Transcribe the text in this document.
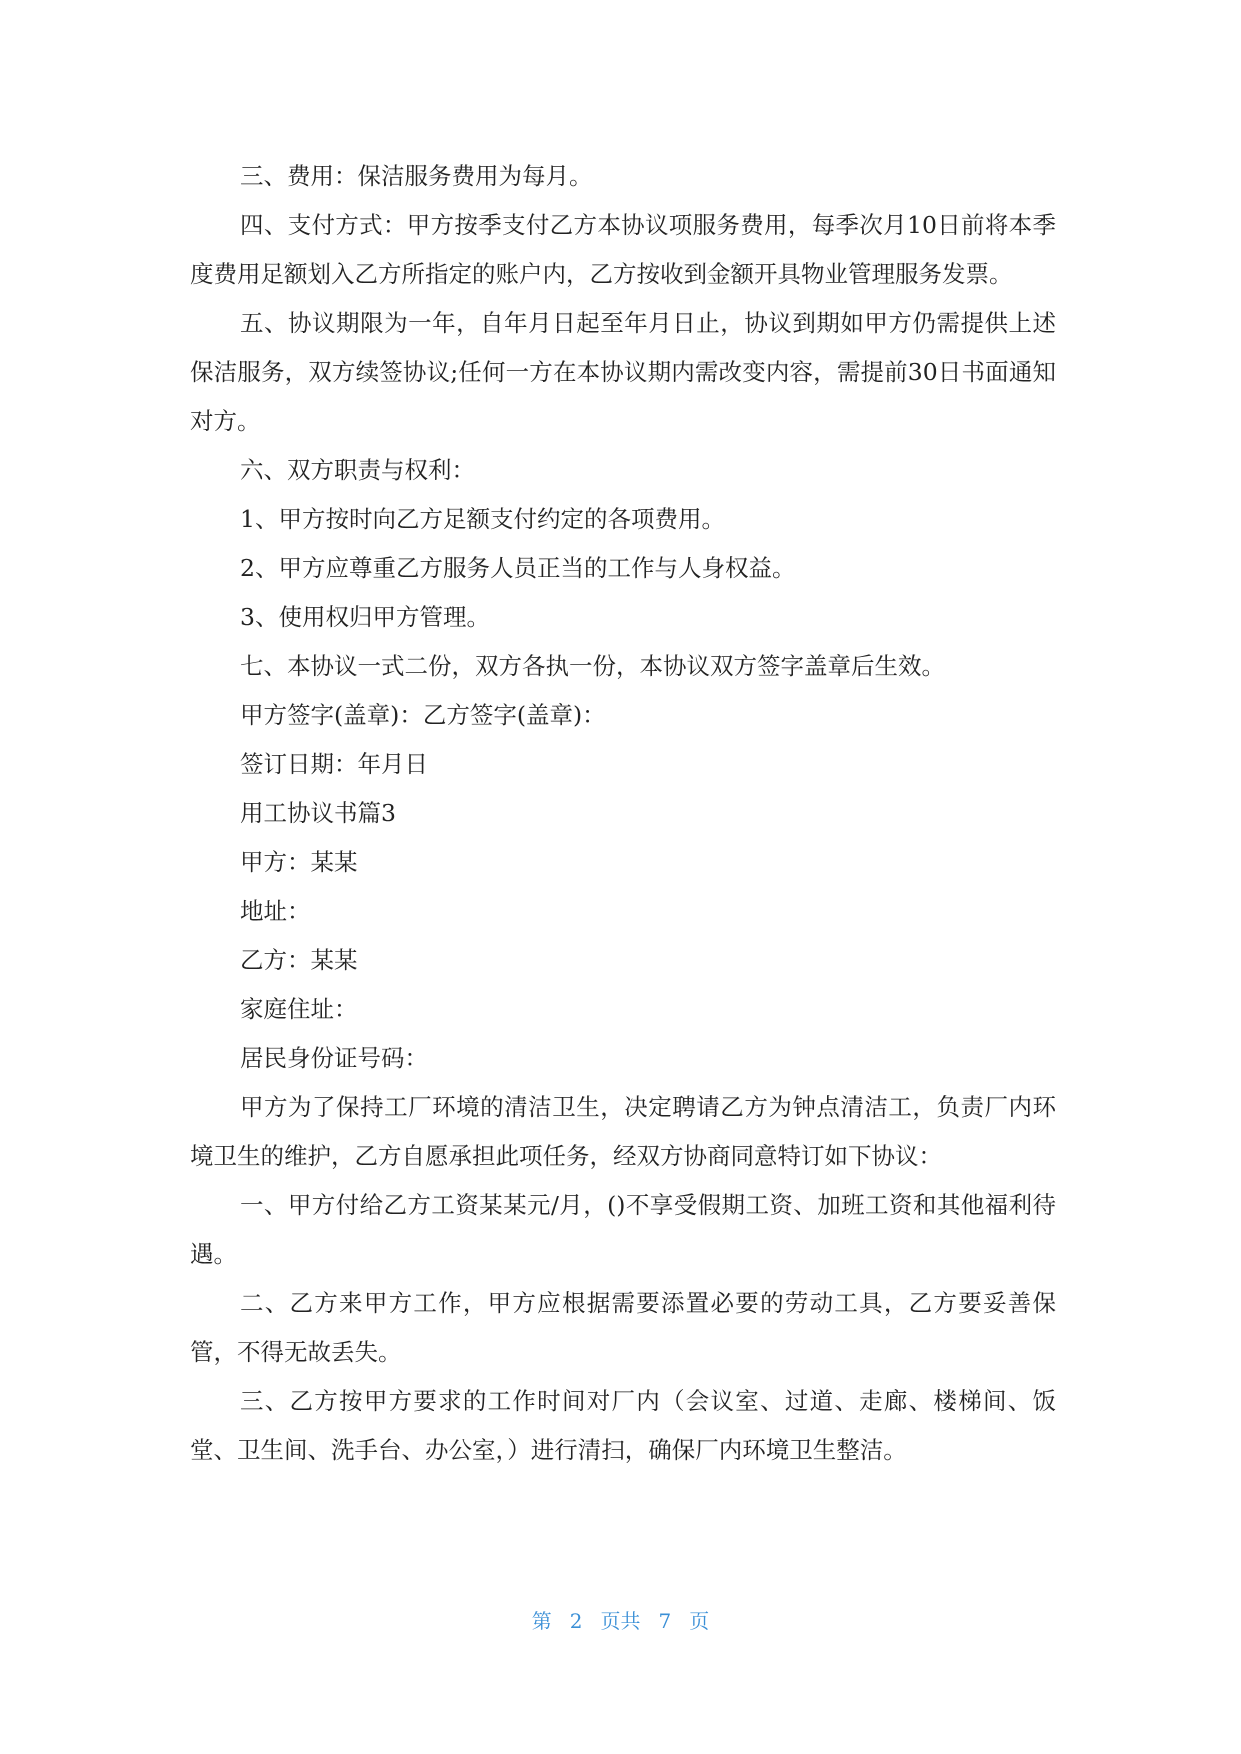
三、费用：保洁服务费用为每月。

四、支付方式：甲方按季支付乙方本协议项服务费用，每季次月10日前将本季度费用足额划入乙方所指定的账户内，乙方按收到金额开具物业管理服务发票。

五、协议期限为一年，自年月日起至年月日止，协议到期如甲方仍需提供上述保洁服务，双方续签协议;任何一方在本协议期内需改变内容，需提前30日书面通知对方。

六、双方职责与权利：

1、甲方按时向乙方足额支付约定的各项费用。

2、甲方应尊重乙方服务人员正当的工作与人身权益。

3、使用权归甲方管理。

七、本协议一式二份，双方各执一份，本协议双方签字盖章后生效。

甲方签字(盖章)：乙方签字(盖章)：

签订日期：年月日

用工协议书篇3

甲方：某某

地址：

乙方：某某

家庭住址：

居民身份证号码：

甲方为了保持工厂环境的清洁卫生，决定聘请乙方为钟点清洁工，负责厂内环境卫生的维护，乙方自愿承担此项任务，经双方协商同意特订如下协议：

一、甲方付给乙方工资某某元/月，()不享受假期工资、加班工资和其他福利待遇。

二、乙方来甲方工作，甲方应根据需要添置必要的劳动工具，乙方要妥善保管，不得无故丢失。

三、乙方按甲方要求的工作时间对厂内（会议室、过道、走廊、楼梯间、饭堂、卫生间、洗手台、办公室，）进行清扫，确保厂内环境卫生整洁。

第 2 页共 7 页
